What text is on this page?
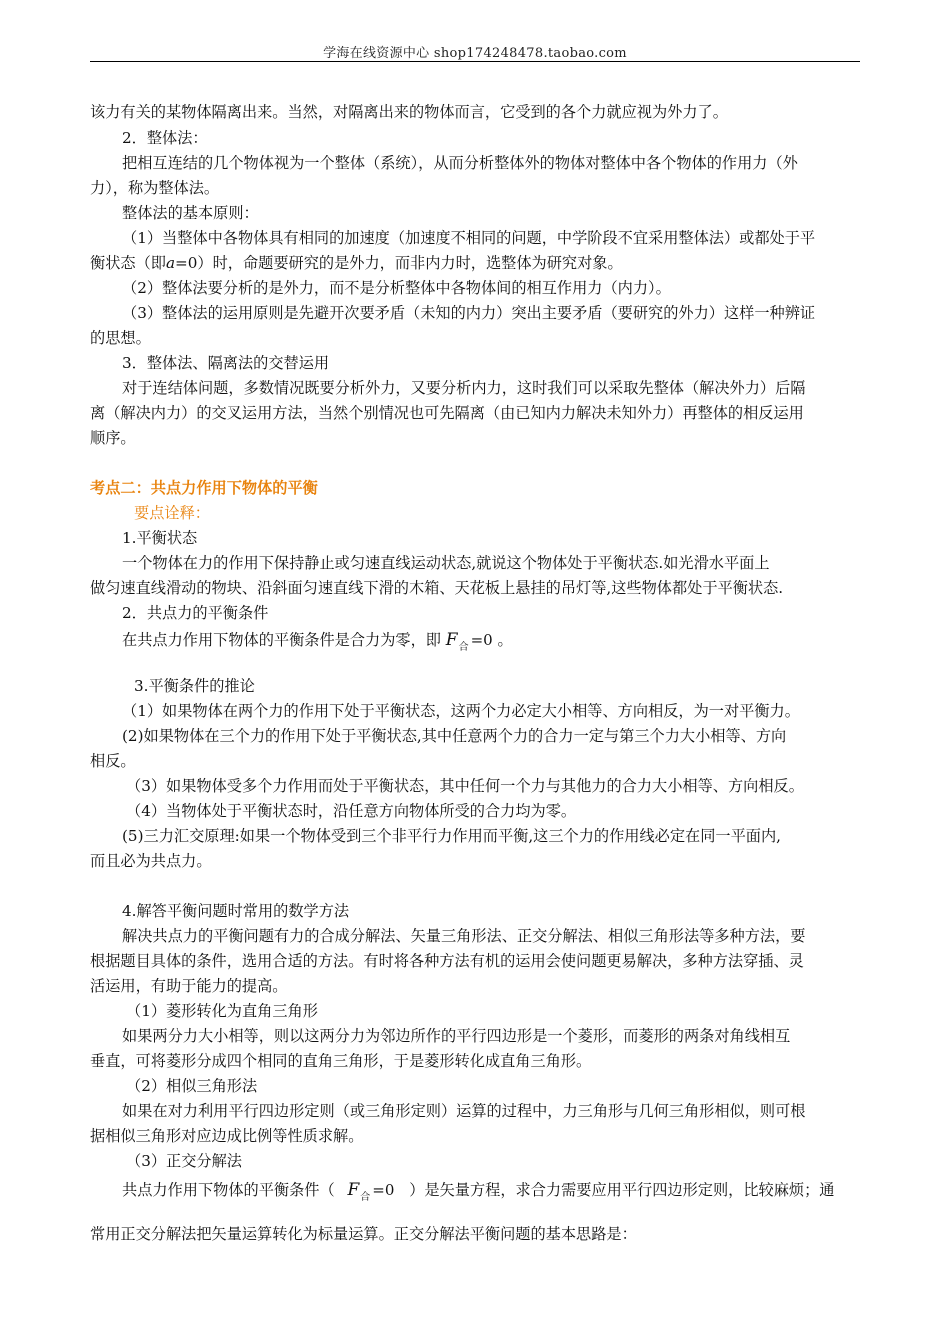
学海在线资源中心 shop174248478.taobao.com
该力有关的某物体隔离出来。当然，对隔离出来的物体而言，它受到的各个力就应视为外力了。
2．整体法：
把相互连结的几个物体视为一个整体（系统），从而分析整体外的物体对整体中各个物体的作用力（外
力），称为整体法。
整体法的基本原则：
（1）当整体中各物体具有相同的加速度（加速度不相同的问题，中学阶段不宜采用整体法）或都处于平
衡状态（即a=0）时，命题要研究的是外力，而非内力时，选整体为研究对象。
（2）整体法要分析的是外力，而不是分析整体中各物体间的相互作用力（内力）。
（3）整体法的运用原则是先避开次要矛盾（未知的内力）突出主要矛盾（要研究的外力）这样一种辨证
的思想。
3．整体法、隔离法的交替运用
对于连结体问题，多数情况既要分析外力，又要分析内力，这时我们可以采取先整体（解决外力）后隔
离（解决内力）的交叉运用方法，当然个别情况也可先隔离（由已知内力解决未知外力）再整体的相反运用
顺序。
考点二：共点力作用下物体的平衡
要点诠释：
1.平衡状态
一个物体在力的作用下保持静止或匀速直线运动状态,就说这个物体处于平衡状态.如光滑水平面上
做匀速直线滑动的物块、沿斜面匀速直线下滑的木箱、天花板上悬挂的吊灯等,这些物体都处于平衡状态.
2．共点力的平衡条件
在共点力作用下物体的平衡条件是合力为零，即 $F_合 =0$ 。
3.平衡条件的推论
（1）如果物体在两个力的作用下处于平衡状态，这两个力必定大小相等、方向相反，为一对平衡力。
(2)如果物体在三个力的作用下处于平衡状态,其中任意两个力的合力一定与第三个力大小相等、方向
相反。
（3）如果物体受多个力作用而处于平衡状态，其中任何一个力与其他力的合力大小相等、方向相反。
（4）当物体处于平衡状态时，沿任意方向物体所受的合力均为零。
(5)三力汇交原理:如果一个物体受到三个非平行力作用而平衡,这三个力的作用线必定在同一平面内,
而且必为共点力。
4.解答平衡问题时常用的数学方法
解决共点力的平衡问题有力的合成分解法、矢量三角形法、正交分解法、相似三角形法等多种方法，要
根据题目具体的条件，选用合适的方法。有时将各种方法有机的运用会使问题更易解决，多种方法穿插、灵
活运用，有助于能力的提高。
（1）菱形转化为直角三角形
如果两分力大小相等，则以这两分力为邻边所作的平行四边形是一个菱形，而菱形的两条对角线相互
垂直，可将菱形分成四个相同的直角三角形，于是菱形转化成直角三角形。
（2）相似三角形法
如果在对力利用平行四边形定则（或三角形定则）运算的过程中，力三角形与几何三角形相似，则可根
据相似三角形对应边成比例等性质求解。
（3）正交分解法
共点力作用下物体的平衡条件（ $F_合 =0$ ）是矢量方程，求合力需要应用平行四边形定则，比较麻烦；通
常用正交分解法把矢量运算转化为标量运算。正交分解法平衡问题的基本思路是：
